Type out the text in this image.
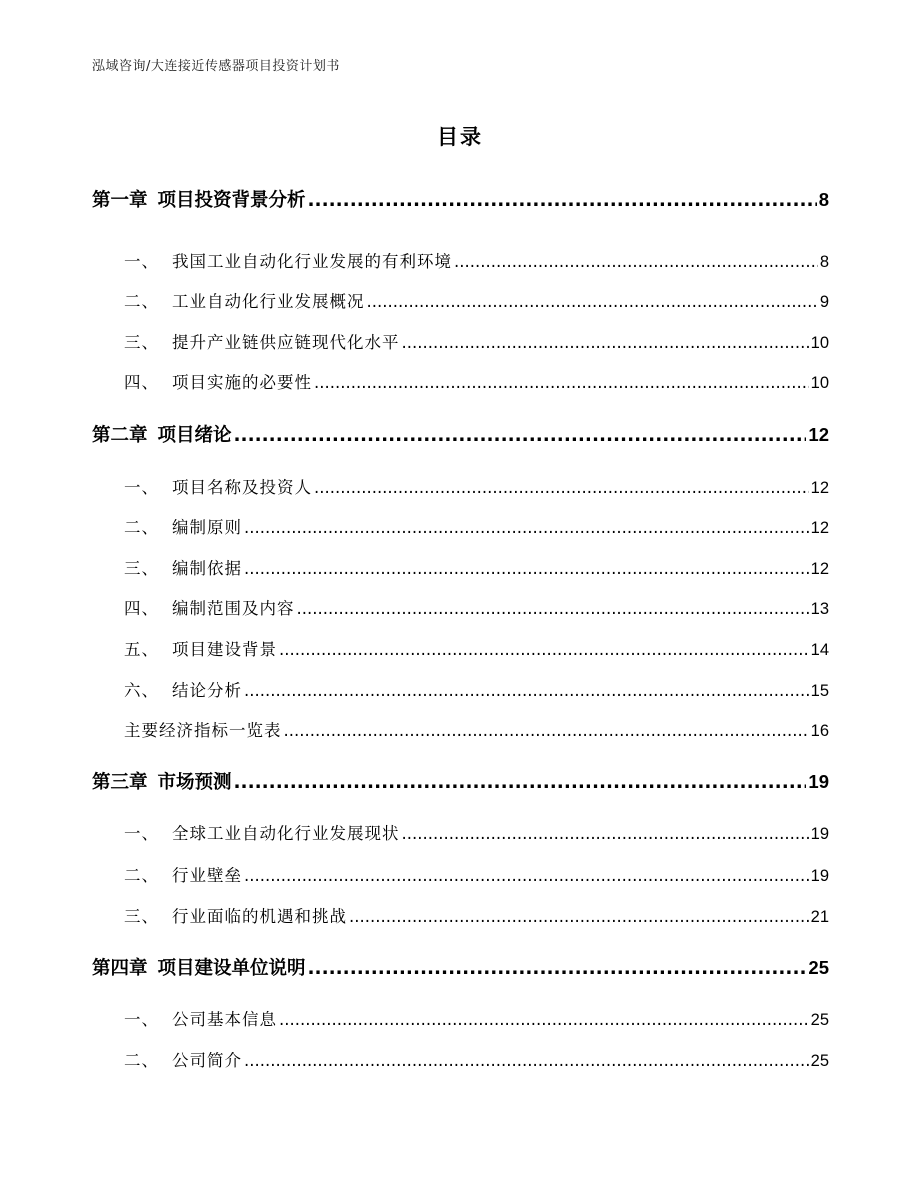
泓域咨询/大连接近传感器项目投资计划书
目录
第一章 项目投资背景分析 .....	8
一、 我国工业自动化行业发展的有利环境 .....	8
二、 工业自动化行业发展概况 .....	9
三、 提升产业链供应链现代化水平 .....	10
四、 项目实施的必要性 .....	10
第二章 项目绪论 .....	12
一、 项目名称及投资人 .....	12
二、 编制原则 .....	12
三、 编制依据 .....	12
四、 编制范围及内容 .....	13
五、 项目建设背景 .....	14
六、 结论分析 .....	15
主要经济指标一览表 .....	16
第三章 市场预测 .....	19
一、 全球工业自动化行业发展现状 .....	19
二、 行业壁垒 .....	19
三、 行业面临的机遇和挑战 .....	21
第四章 项目建设单位说明 .....	25
一、 公司基本信息 .....	25
二、 公司简介 .....	25
